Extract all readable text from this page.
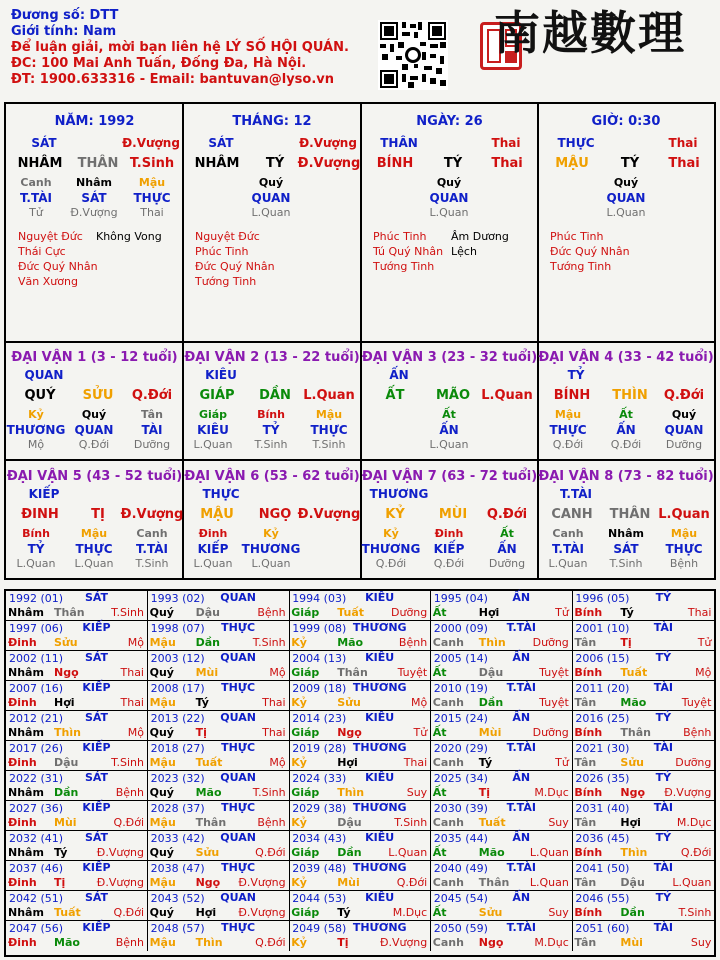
Đương số: DTT
Giới tính: Nam
Để luận giải, mời bạn liên hệ LÝ SỐ HỘI QUÁN.
ĐC: 100 Mai Anh Tuấn, Đống Đa, Hà Nội.
ĐT: 1900.633316 - Email: bantuvan@lyso.vn
南越數理
NĂM: 1992
SÁT	Đ.Vượng
NHÂM THÂN T.Sinh
Canh Nhâm Mậu
T.TÀI SÁT THỰC
Tử	Đ.Vượng Thai
Nguyệt Đức
Thái Cực
Đức Quý Nhân
Văn Xương
Không Vong
THÁNG: 12
SÁT	Đ.Vượng
NHÂM TÝ Đ.Vượng
Quý
QUAN
L.Quan
Nguyệt Đức
Phúc Tinh
Đức Quý Nhân
Tướng Tinh
NGÀY: 26
THÂN	Thai
BÍNH TÝ Thai
Quý
QUAN
L.Quan
Phúc Tinh
Tú Quý Nhân
Tướng Tinh
Âm Dương Lệch
GIỜ: 0:30
THỰC	Thai
MẬU TÝ Thai
Quý
QUAN
L.Quan
Phúc Tinh
Đức Quý Nhân
Tướng Tinh
ĐẠI VẬN 1 (3 - 12 tuổi)
QUAN
QUÝ SỬU Q.Đới
Kỷ	Quý	Tân
THƯƠNG QUAN TÀI
Mộ	Q.Đới Dưỡng
ĐẠI VẬN 2 (13 - 22 tuổi)
KIÊU
GIÁP DẦN L.Quan
Giáp	Bính	Mậu
KIÊU	TỶ	THỰC
L.Quan T.Sinh T.Sinh
ĐẠI VẬN 3 (23 - 32 tuổi)
ẤN
ẤT MÃO L.Quan
Ất
ẤN
L.Quan
ĐẠI VẬN 4 (33 - 42 tuổi)
TỶ
BÍNH THÌN Q.Đới
Mậu	Ất	Quý
THỰC ẤN QUAN
Q.Đới	Q.Đới Dưỡng
ĐẠI VẬN 5 (43 - 52 tuổi)
KIẾP
ĐINH TỊ Đ.Vượng
Bính	Mậu	Canh
TỶ	THỰC T.TÀI
L.Quan L.Quan T.Sinh
ĐẠI VẬN 6 (53 - 62 tuổi)
THỰC
MẬU NGỌ Đ.Vượng
Đinh	Kỷ
KIẾP THƯƠNG
L.Quan L.Quan
ĐẠI VẬN 7 (63 - 72 tuổi)
THƯƠNG
KỶ	MÙI Q.Đới
Kỷ	Đinh	Ất
THƯƠNG KIẾP	ẤN
Q.Đới	Q.Đới Dưỡng
ĐẠI VẬN 8 (73 - 82 tuổi)
T.TÀI
CANH THÂN L.Quan
Canh Nhâm Mậu
T.TÀI SÁT THỰC
L.Quan T.Sinh Bệnh
1992 (01)	SÁT
Nhâm Thân T.Sinh
1993 (02)	QUAN
Quý Dậu	Bệnh
1994 (03)	KIÊU
Giáp Tuất Dưỡng
1995 (04)	ẤN
Ất	Hợi	Tử
1996 (05)	TỶ
Bính Tý	Thai
1997 (06)	KIẾP
Đinh Sửu	Mộ
1998 (07)	THỰC
Mậu Dần	T.Sinh
1999 (08) THƯƠNG
Kỷ	Mão	Bệnh
2000 (09)	T.TÀI
Canh Thìn Dưỡng
2001 (10)	TÀI
Tân Tị	Tử
2002 (11)	SÁT
Nhâm Ngọ	Thai
2003 (12)	QUAN
Quý Mùi	Mộ
2004 (13)	KIÊU
Giáp Thân	Tuyệt
2005 (14)	ẤN
Ất	Dậu	Tuyệt
2006 (15)	TỶ
Bính Tuất	Mộ
2007 (16)	KIẾP
Đinh Hợi	Thai
2008 (17)	THỰC
Mậu Tý	Thai
2009 (18) THƯƠNG
Kỷ	Sửu	Mộ
2010 (19)	T.TÀI
Canh Dần	Tuyệt
2011 (20)	TÀI
Tân Mão	Tuyệt
2012 (21)	SÁT
Nhâm Thìn	Mộ
2013 (22)	QUAN
Quý Tị	Thai
2014 (23)	KIÊU
Giáp Ngọ	Tử
2015 (24)	ẤN
Ất	Mùi	Dưỡng
2016 (25)	TỶ
Bính Thân	Bệnh
2017 (26)	KIẾP
Đinh Dậu	T.Sinh
2018 (27)	THỰC
Mậu Tuất	Mộ
2019 (28) THƯƠNG
Kỷ	Hợi	Thai
2020 (29)	T.TÀI
Canh Tý	Tử
2021 (30)	TÀI
Tân Sửu	Dưỡng
2022 (31)	SÁT
Nhâm Dần	Bệnh
2023 (32)	QUAN
Quý Mão	T.Sinh
2024 (33)	KIÊU
Giáp Thìn	Suy
2025 (34)	ẤN
Ất	Tị	M.Dục
2026 (35)	TỶ
Bính Ngọ Đ.Vượng
2027 (36)	KIẾP
Đinh Mùi	Q.Đới
2028 (37)	THỰC
Mậu Thân	Bệnh
2029 (38) THƯƠNG
Kỷ	Dậu	T.Sinh
2030 (39)	T.TÀI
Canh Tuất	Suy
2031 (40)	TÀI
Tân Hợi	M.Dục
2032 (41)	SÁT
Nhâm Tý	Đ.Vượng
2033 (42)	QUAN
Quý Sửu	Q.Đới
2034 (43)	KIÊU
Giáp Dần L.Quan
2035 (44)	ẤN
Ất	Mão L.Quan
2036 (45)	TỶ
Bính Thìn	Q.Đới
2037 (46)	KIẾP
Đinh Tị	Đ.Vượng
2038 (47)	THỰC
Mậu Ngọ Đ.Vượng
2039 (48) THƯƠNG
Kỷ	Mùi	Q.Đới
2040 (49)	T.TÀI
Canh Thân L.Quan
2041 (50)	TÀI
Tân Dậu	L.Quan
2042 (51)	SÁT
Nhâm Tuất	Q.Đới
2043 (52)	QUAN
Quý Hợi Đ.Vượng
2044 (53)	KIÊU
Giáp Tý	M.Dục
2045 (54)	ẤN
Ất	Sửu	Suy
2046 (55)	TỶ
Bính Dần	T.Sinh
2047 (56)	KIẾP
Đinh Mão	Bệnh
2048 (57)	THỰC
Mậu Thìn	Q.Đới
2049 (58) THƯƠNG
Kỷ	Tị	Đ.Vượng
2050 (59)	T.TÀI
Canh Ngọ	M.Dục
2051 (60)	TÀI
Tân Mùi	Suy
